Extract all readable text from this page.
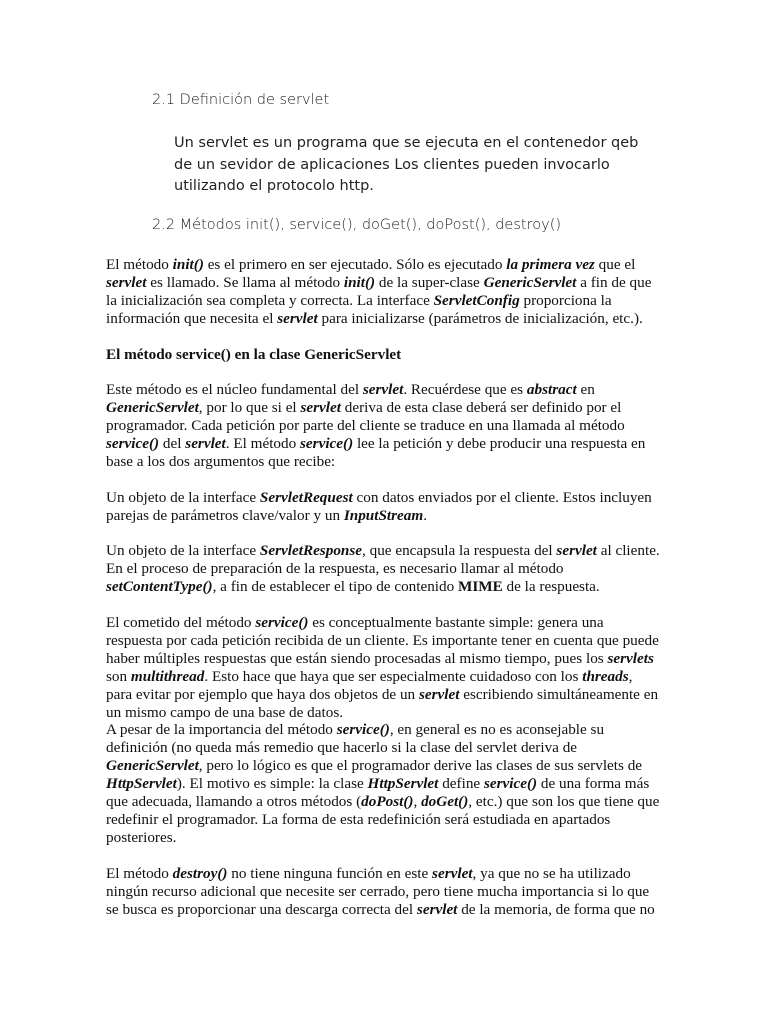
2.1 Definición de servlet
Un servlet es un programa que se ejecuta en el contenedor qeb de un sevidor de aplicaciones Los clientes pueden invocarlo utilizando el protocolo http.
2.2 Métodos init(), service(), doGet(), doPost(), destroy()

El método init() es el primero en ser ejecutado. Sólo es ejecutado la primera vez que el servlet es llamado. Se llama al método init() de la super-clase GenericServlet a fin de que la inicialización sea completa y correcta. La interface ServletConfig proporciona la información que necesita el servlet para inicializarse (parámetros de inicialización, etc.).

El método service() en la clase GenericServlet

Este método es el núcleo fundamental del servlet. Recuérdese que es abstract en GenericServlet, por lo que si el servlet deriva de esta clase deberá ser definido por el programador. Cada petición por parte del cliente se traduce en una llamada al método service() del servlet. El método service() lee la petición y debe producir una respuesta en base a los dos argumentos que recibe:

Un objeto de la interface ServletRequest con datos enviados por el cliente. Estos incluyen parejas de parámetros clave/valor y un InputStream.

Un objeto de la interface ServletResponse, que encapsula la respuesta del servlet al cliente. En el proceso de preparación de la respuesta, es necesario llamar al método setContentType(), a fin de establecer el tipo de contenido MIME de la respuesta.

El cometido del método service() es conceptualmente bastante simple: genera una respuesta por cada petición recibida de un cliente. Es importante tener en cuenta que puede haber múltiples respuestas que están siendo procesadas al mismo tiempo, pues los servlets son multithread. Esto hace que haya que ser especialmente cuidadoso con los threads, para evitar por ejemplo que haya dos objetos de un servlet escribiendo simultáneamente en un mismo campo de una base de datos.

A pesar de la importancia del método service(), en general es no es aconsejable su definición (no queda más remedio que hacerlo si la clase del servlet deriva de GenericServlet, pero lo lógico es que el programador derive las clases de sus servlets de HttpServlet). El motivo es simple: la clase HttpServlet define service() de una forma más que adecuada, llamando a otros métodos (doPost(), doGet(), etc.) que son los que tiene que redefinir el programador. La forma de esta redefinición será estudiada en apartados posteriores.

El método destroy() no tiene ninguna función en este servlet, ya que no se ha utilizado ningún recurso adicional que necesite ser cerrado, pero tiene mucha importancia si lo que se busca es proporcionar una descarga correcta del servlet de la memoria, de forma que no
